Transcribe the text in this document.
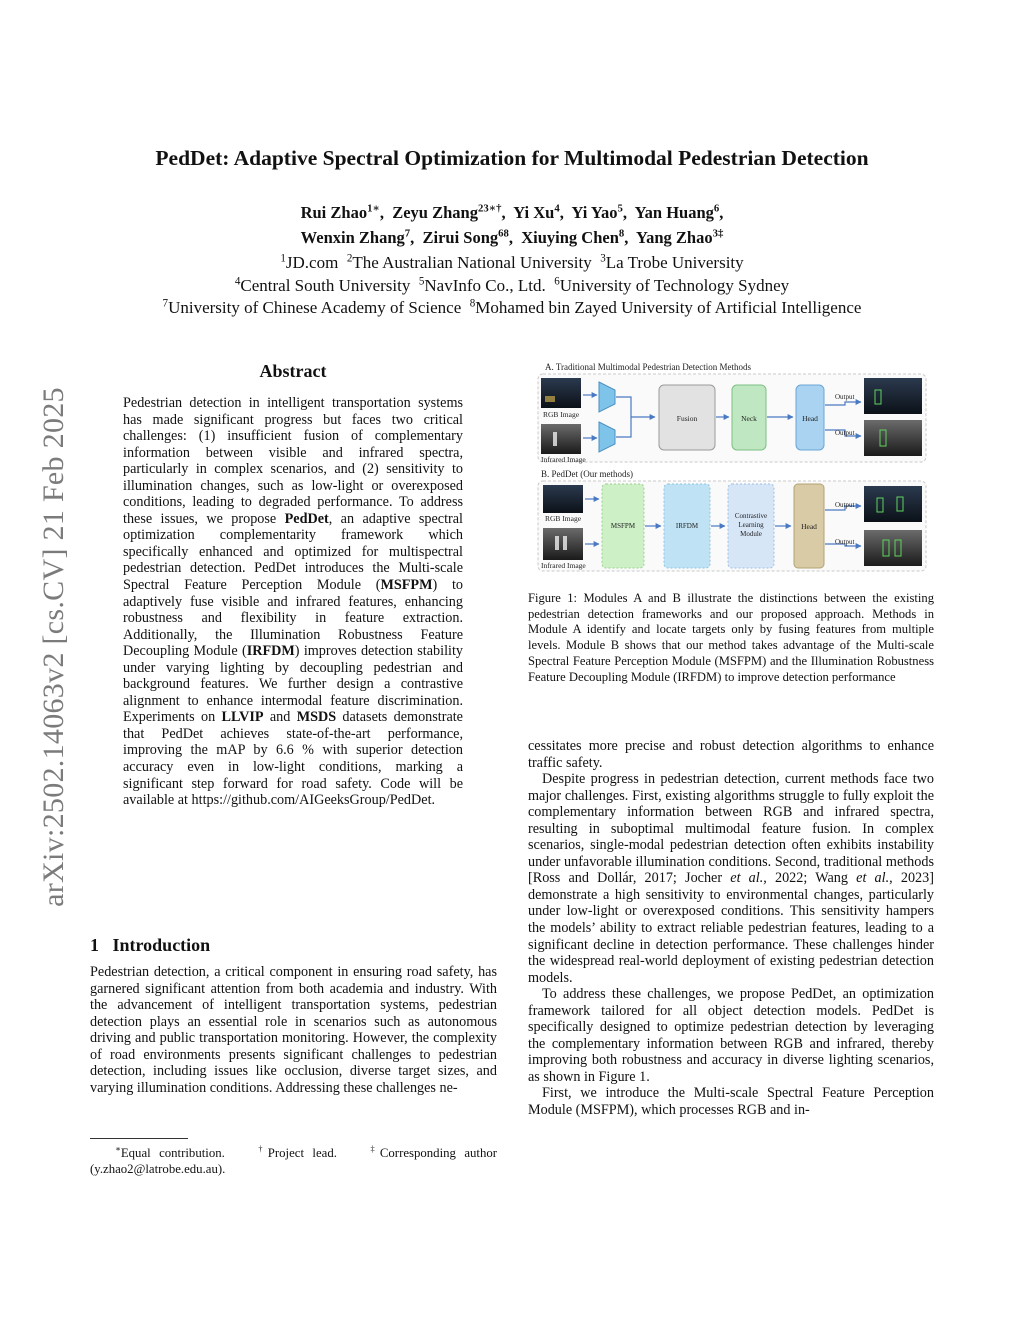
PedDet: Adaptive Spectral Optimization for Multimodal Pedestrian Detection
Rui Zhao$^{1∗}$,  Zeyu Zhang$^{23∗\dagger}$,  Yi Xu$^4$,  Yi Yao$^5$,  Yan Huang$^6$,
Wenxin Zhang$^7$,  Zirui Song$^{68}$,  Xiuying Chen$^8$,  Yang Zhao$^{3\ddagger}$
$^1$JD.com $^2$The Australian National University $^3$La Trobe University
$^4$Central South University $^5$NavInfo Co., Ltd. $^6$University of Technology Sydney
$^7$University of Chinese Academy of Science $^8$Mohamed bin Zayed University of Artificial Intelligence
arXiv:2502.14063v2 [cs.CV] 21 Feb 2025
Abstract
Pedestrian detection in intelligent transportation systems has made significant progress but faces two critical challenges: (1) insufficient fusion of complementary information between visible and infrared spectra, particularly in complex scenarios, and (2) sensitivity to illumination changes, such as low-light or overexposed conditions, leading to degraded performance. To address these issues, we propose PedDet, an adaptive spectral optimization complementarity framework which specifically enhanced and optimized for multispectral pedestrian detection. PedDet introduces the Multi-scale Spectral Feature Perception Module (MSFPM) to adaptively fuse visible and infrared features, enhancing robustness and flexibility in feature extraction. Additionally, the Illumination Robustness Feature Decoupling Module (IRFDM) improves detection stability under varying lighting by decoupling pedestrian and background features. We further design a contrastive alignment to enhance intermodal feature discrimination. Experiments on LLVIP and MSDS datasets demonstrate that PedDet achieves state-of-the-art performance, improving the mAP by 6.6 % with superior detection accuracy even in low-light conditions, marking a significant step forward for road safety. Code will be available at https://github.com/AIGeeksGroup/PedDet.
1 Introduction
Pedestrian detection, a critical component in ensuring road safety, has garnered significant attention from both academia and industry. With the advancement of intelligent transportation systems, pedestrian detection plays an essential role in scenarios such as autonomous driving and public transportation monitoring. However, the complexity of road environments presents significant challenges to pedestrian detection, including issues like occlusion, diverse target sizes, and varying illumination conditions. Addressing these challenges ne-
∗Equal contribution.	†Project lead.	‡Corresponding author (y.zhao2@latrobe.edu.au).
A. Traditional Multimodal Pedestrian Detection Methods
RGB Image
Infrared Image
Fusion	Neck	Head
Output
Output
B. PedDet (Our methods)
RGB Image
Infrared Image
MSFPM	IRFDM
Contrastive
Learning
Module
Head
Output
Output
Figure 1: Modules A and B illustrate the distinctions between the existing pedestrian detection frameworks and our proposed approach. Methods in Module A identify and locate targets only by fusing features from multiple levels. Module B shows that our method takes advantage of the Multi-scale Spectral Feature Perception Module (MSFPM) and the Illumination Robustness Feature Decoupling Module (IRFDM) to improve detection performance

cessitates more precise and robust detection algorithms to enhance traffic safety.

Despite progress in pedestrian detection, current methods face two major challenges. First, existing algorithms struggle to fully exploit the complementary information between RGB and infrared spectra, resulting in suboptimal multimodal feature fusion. In complex scenarios, single-modal pedestrian detection often exhibits instability under unfavorable illumination conditions. Second, traditional methods [Ross and Dollár, 2017; Jocher et al., 2022; Wang et al., 2023] demonstrate a high sensitivity to environmental changes, particularly under low-light or overexposed conditions. This sensitivity hampers the models’ ability to extract reliable pedestrian features, leading to a significant decline in detection performance. These challenges hinder the widespread real-world deployment of existing pedestrian detection models.

To address these challenges, we propose PedDet, an optimization framework tailored for all object detection models. PedDet is specifically designed to optimize pedestrian detection by leveraging the complementary information between RGB and infrared, thereby improving both robustness and accuracy in diverse lighting scenarios, as shown in Figure 1.

First, we introduce the Multi-scale Spectral Feature Perception Module (MSFPM), which processes RGB and in-
